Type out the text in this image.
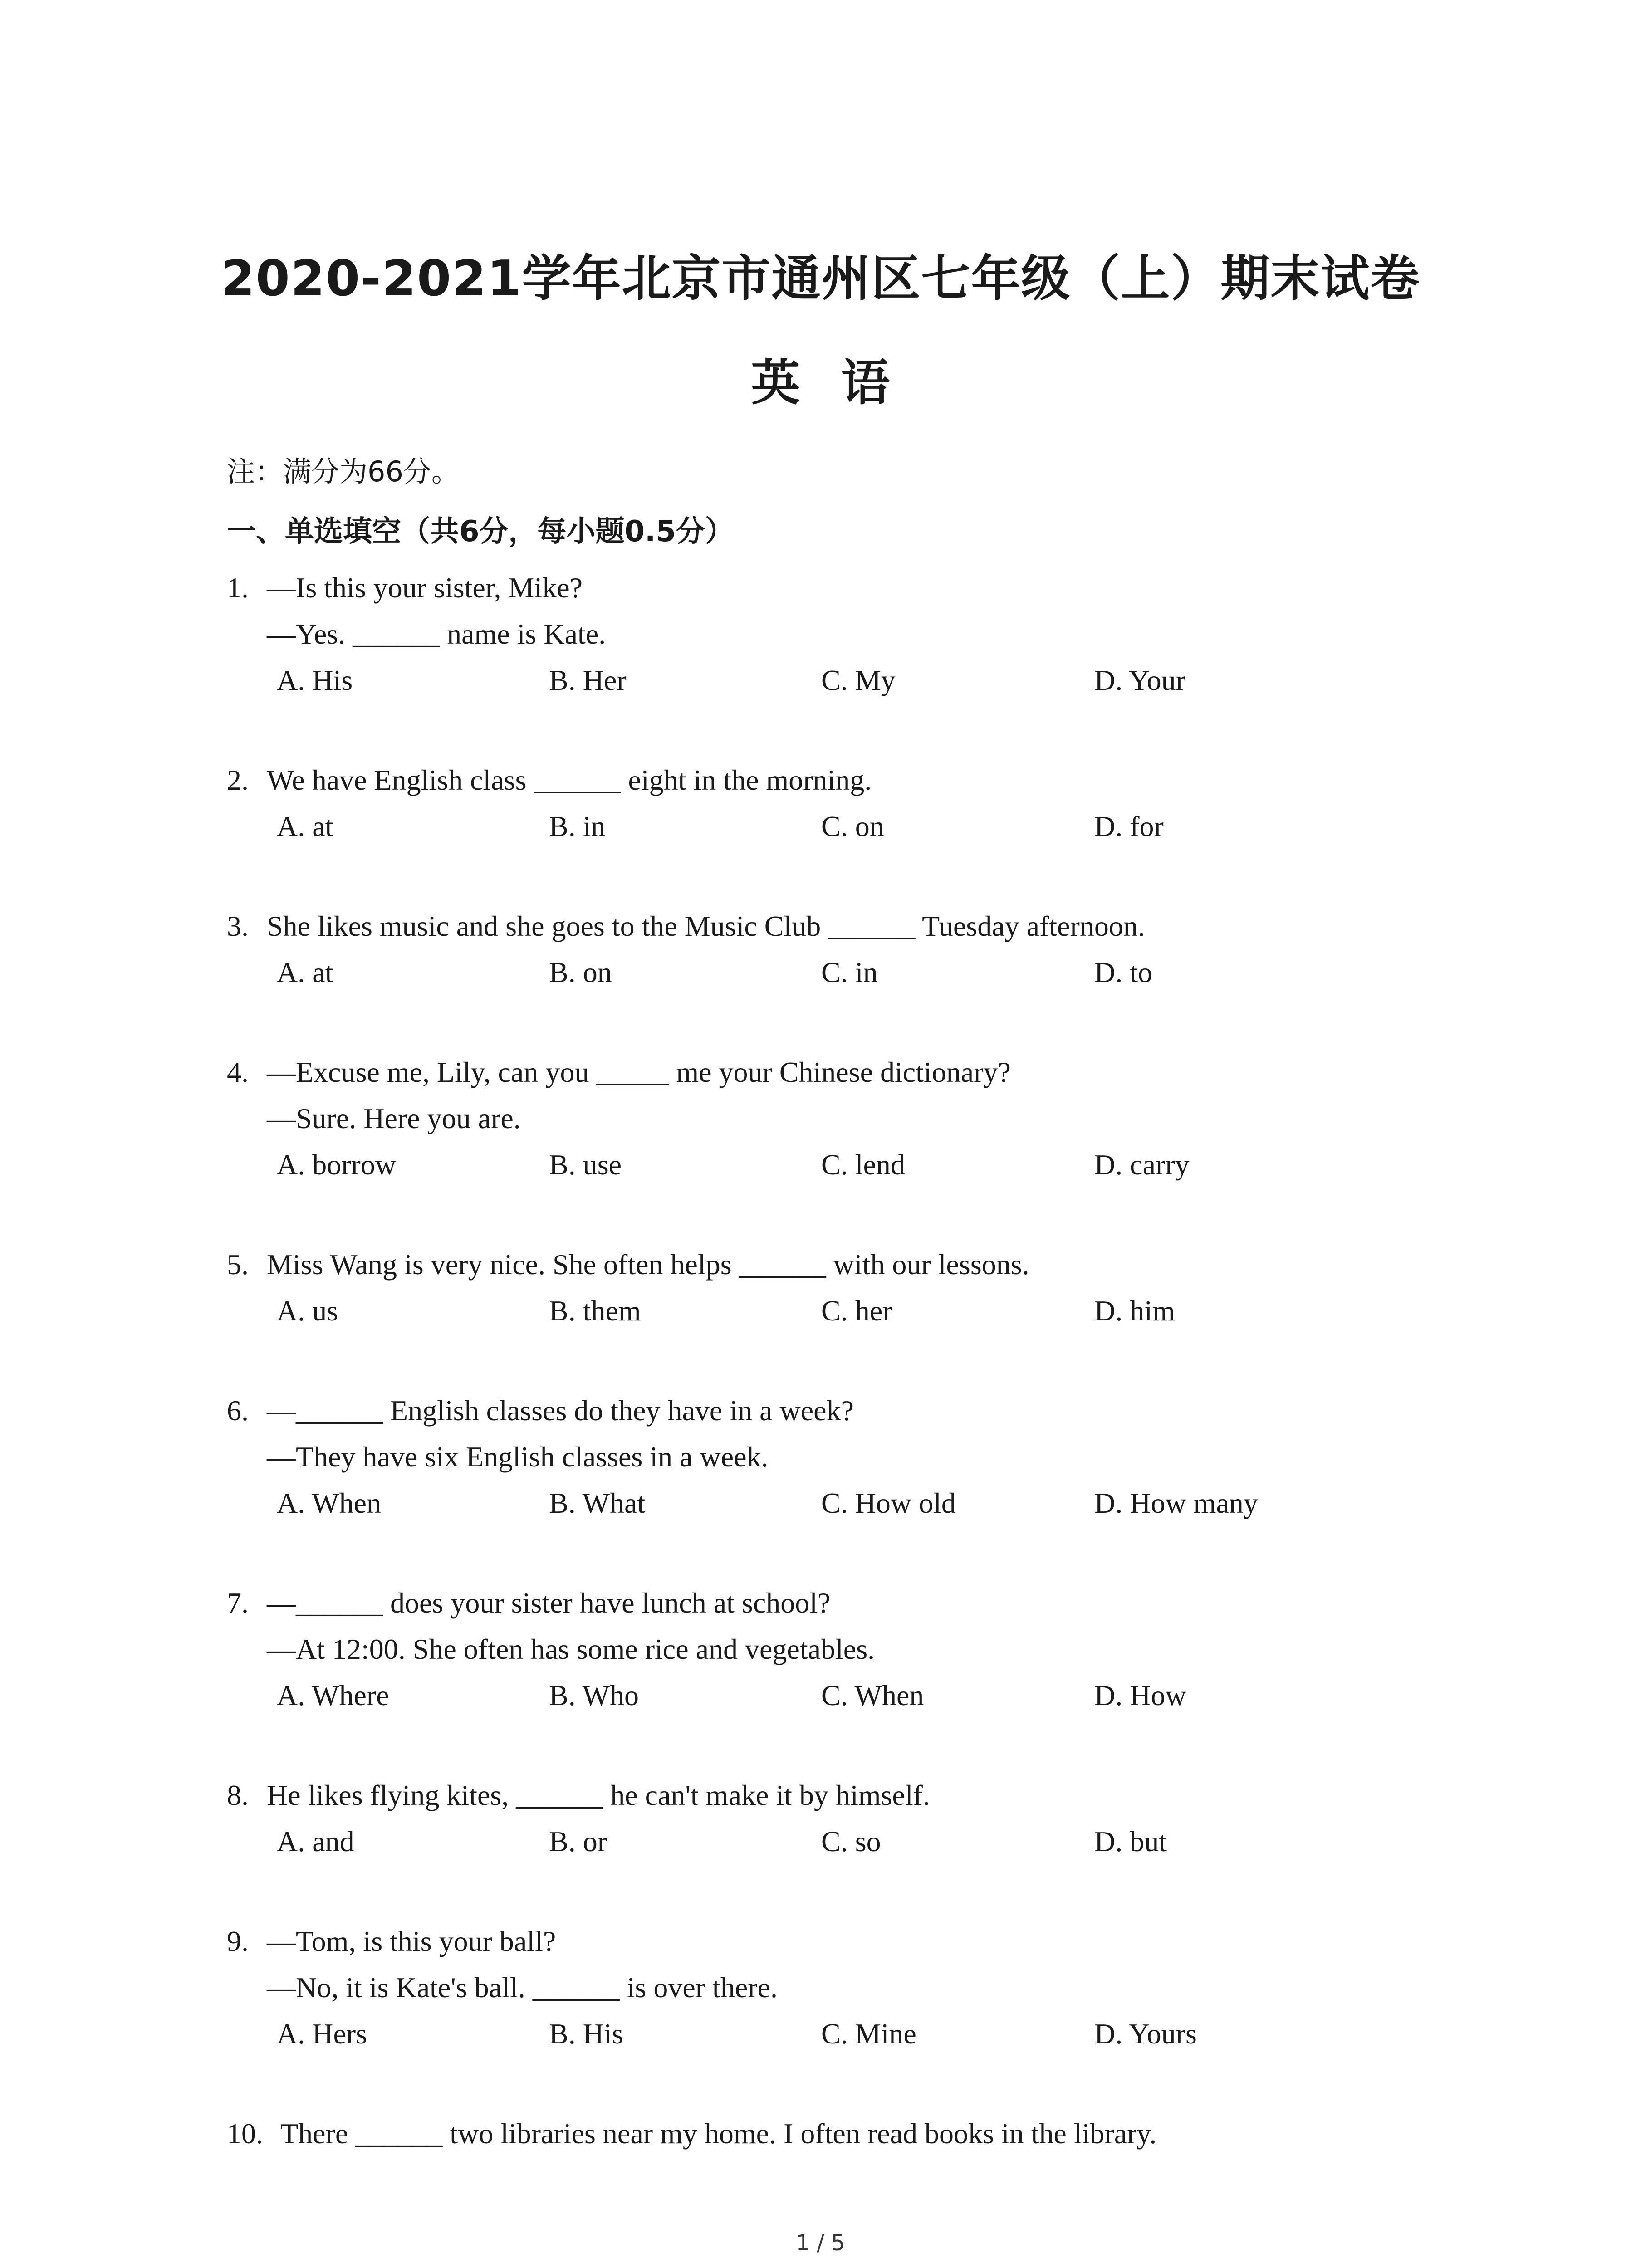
2020-2021学年北京市通州区七年级（上）期末试卷
英语
注：满分为66分。
一、单选填空（共6分，每小题0.5分）
1. —Is this your sister, Mike?
—Yes. ______ name is Kate.
A. His	B. Her	C. My	D. Your
2. We have English class ______ eight in the morning.
A. at	B. in	C. on	D. for
3. She likes music and she goes to the Music Club ______ Tuesday afternoon.
A. at	B. on	C. in	D. to
4. —Excuse me, Lily, can you _____ me your Chinese dictionary?
—Sure. Here you are.
A. borrow	B. use	C. lend	D. carry
5. Miss Wang is very nice. She often helps ______ with our lessons.
A. us	B. them	C. her	D. him
6. —______ English classes do they have in a week?
—They have six English classes in a week.
A. When	B. What	C. How old	D. How many
7. —______ does your sister have lunch at school?
—At 12:00. She often has some rice and vegetables.
A. Where	B. Who	C. When	D. How
8. He likes flying kites, ______ he can't make it by himself.
A. and	B. or	C. so	D. but
9. —Tom, is this your ball?
—No, it is Kate's ball. ______ is over there.
A. Hers	B. His	C. Mine	D. Yours
10. There ______ two libraries near my home. I often read books in the library.
1 / 5
